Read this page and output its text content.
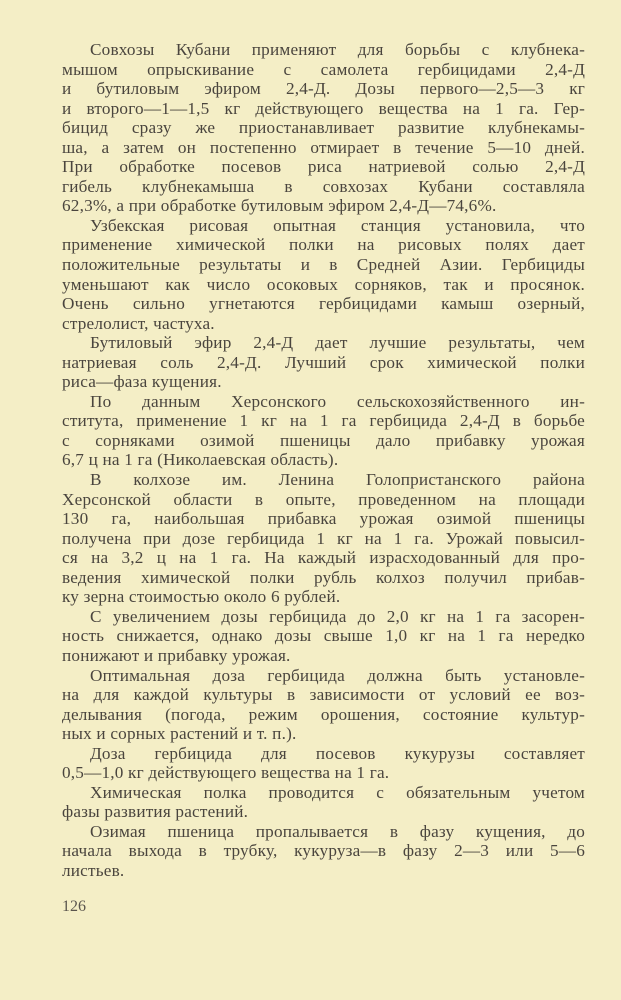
Совхозы Кубани применяют для борьбы с клубнека-
мышом опрыскивание с самолета гербицидами 2,4-Д
и бутиловым эфиром 2,4-Д. Дозы первого—2,5—3 кг
и второго—1—1,5 кг действующего вещества на 1 га. Гер-
бицид сразу же приостанавливает развитие клубнекамы-
ша, а затем он постепенно отмирает в течение 5—10 дней.
При обработке посевов риса натриевой солью 2,4-Д
гибель клубнекамыша в совхозах Кубани составляла
62,3%, а при обработке бутиловым эфиром 2,4-Д—74,6%.
Узбекская рисовая опытная станция установила, что
применение химической полки на рисовых полях дает
положительные результаты и в Средней Азии. Гербициды
уменьшают как число осоковых сорняков, так и просянок.
Очень сильно угнетаются гербицидами камыш озерный,
стрелолист, частуха.
Бутиловый эфир 2,4-Д дает лучшие результаты, чем
натриевая соль 2,4-Д. Лучший срок химической полки
риса—фаза кущения.
По данным Херсонского сельскохозяйственного ин-
ститута, применение 1 кг на 1 га гербицида 2,4-Д в борьбе
с сорняками озимой пшеницы дало прибавку урожая
6,7 ц на 1 га (Николаевская область).
В колхозе им. Ленина Голопристанского района
Херсонской области в опыте, проведенном на площади
130 га, наибольшая прибавка урожая озимой пшеницы
получена при дозе гербицида 1 кг на 1 га. Урожай повысил-
ся на 3,2 ц на 1 га. На каждый израсходованный для про-
ведения химической полки рубль колхоз получил прибав-
ку зерна стоимостью около 6 рублей.
С увеличением дозы гербицида до 2,0 кг на 1 га засорен-
ность снижается, однако дозы свыше 1,0 кг на 1 га нередко
понижают и прибавку урожая.
Оптимальная доза гербицида должна быть установле-
на для каждой культуры в зависимости от условий ее воз-
делывания (погода, режим орошения, состояние культур-
ных и сорных растений и т. п.).
Доза гербицида для посевов кукурузы составляет
0,5—1,0 кг действующего вещества на 1 га.
Химическая полка проводится с обязательным учетом
фазы развития растений.
Озимая пшеница пропалывается в фазу кущения, до
начала выхода в трубку, кукуруза—в фазу 2—3 или 5—6
листьев.
126
